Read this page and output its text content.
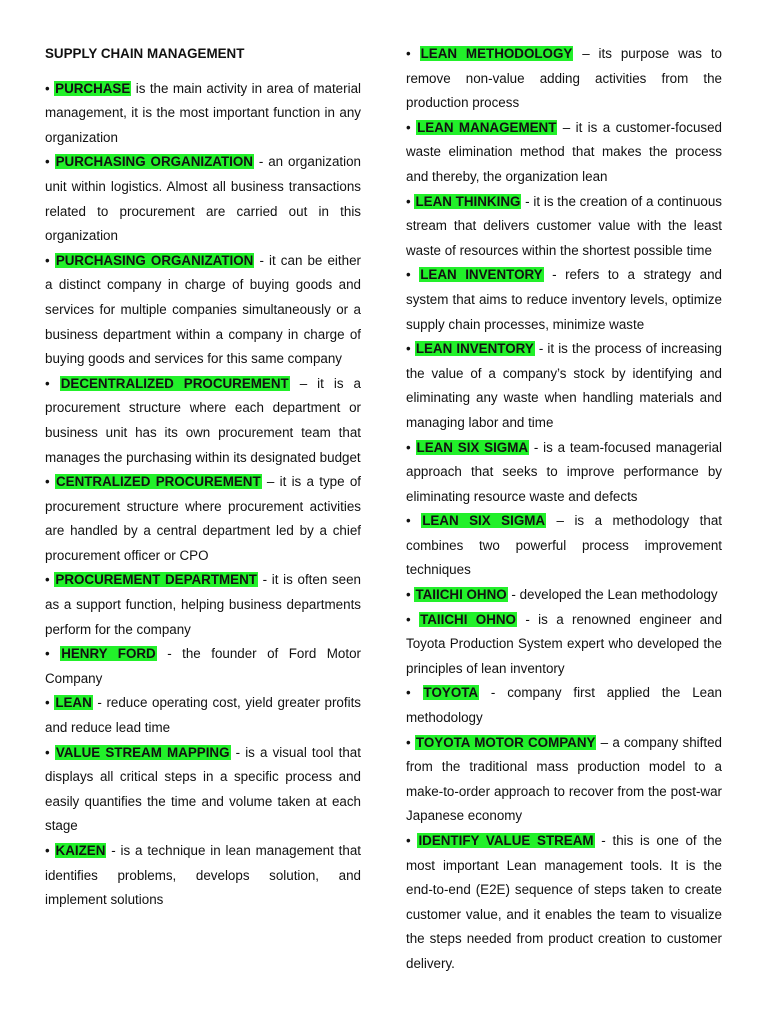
SUPPLY CHAIN MANAGEMENT

• PURCHASE is the main activity in area of material management, it is the most important function in any organization

• PURCHASING ORGANIZATION - an organization unit within logistics. Almost all business transactions related to procurement are carried out in this organization

• PURCHASING ORGANIZATION - it can be either a distinct company in charge of buying goods and services for multiple companies simultaneously or a business department within a company in charge of buying goods and services for this same company

• DECENTRALIZED PROCUREMENT – it is a procurement structure where each department or business unit has its own procurement team that manages the purchasing within its designated budget

• CENTRALIZED PROCUREMENT – it is a type of procurement structure where procurement activities are handled by a central department led by a chief procurement officer or CPO

• PROCUREMENT DEPARTMENT - it is often seen as a support function, helping business departments perform for the company

• HENRY FORD - the founder of Ford Motor Company

• LEAN - reduce operating cost, yield greater profits and reduce lead time

• VALUE STREAM MAPPING - is a visual tool that displays all critical steps in a specific process and easily quantifies the time and volume taken at each stage

• KAIZEN - is a technique in lean management that identifies problems, develops solution, and implement solutions

• LEAN METHODOLOGY – its purpose was to remove non-value adding activities from the production process

• LEAN MANAGEMENT – it is a customer-focused waste elimination method that makes the process and thereby, the organization lean

• LEAN THINKING - it is the creation of a continuous stream that delivers customer value with the least waste of resources within the shortest possible time

• LEAN INVENTORY - refers to a strategy and system that aims to reduce inventory levels, optimize supply chain processes, minimize waste

• LEAN INVENTORY - it is the process of increasing the value of a company’s stock by identifying and eliminating any waste when handling materials and managing labor and time

• LEAN SIX SIGMA - is a team-focused managerial approach that seeks to improve performance by eliminating resource waste and defects

• LEAN SIX SIGMA – is a methodology that combines two powerful process improvement techniques

• TAIICHI OHNO - developed the Lean methodology

• TAIICHI OHNO - is a renowned engineer and Toyota Production System expert who developed the principles of lean inventory

• TOYOTA - company first applied the Lean methodology

• TOYOTA MOTOR COMPANY – a company shifted from the traditional mass production model to a make-to-order approach to recover from the post-war Japanese economy

• IDENTIFY VALUE STREAM - this is one of the most important Lean management tools. It is the end-to-end (E2E) sequence of steps taken to create customer value, and it enables the team to visualize the steps needed from product creation to customer delivery.
